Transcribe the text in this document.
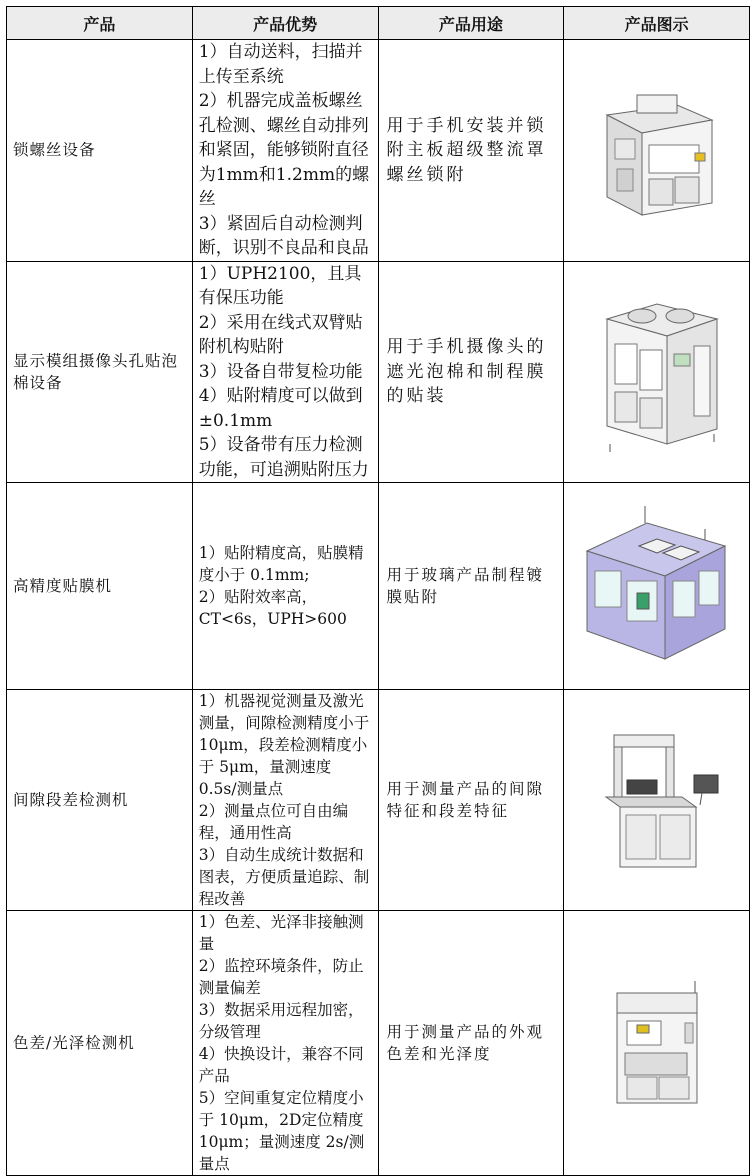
产品	产品优势	产品用途	产品图示
锁螺丝设备	1）自动送料，扫描并上传至系统
2）机器完成盖板螺丝孔检测、螺丝自动排列和紧固，能够锁附直径为1mm和1.2mm的螺丝
3）紧固后自动检测判断，识别不良品和良品	用于手机安装并锁附主板超级整流罩螺丝锁附	

显示模组摄像头孔贴泡棉设备	1）UPH2100，且具有保压功能
2）采用在线式双臂贴附机构贴附
3）设备自带复检功能
4）贴附精度可以做到±0.1mm
5）设备带有压力检测功能，可追溯贴附压力	用于手机摄像头的遮光泡棉和制程膜的贴装	

高精度贴膜机	1）贴附精度高，贴膜精度小于 0.1mm;
2）贴附效率高，CT<6s，UPH>600	用于玻璃产品制程镀膜贴附	

间隙段差检测机	1）机器视觉测量及激光测量，间隙检测精度小于 10μm，段差检测精度小于 5μm，量测速度 0.5s/测量点
2）测量点位可自由编程，通用性高
3）自动生成统计数据和图表，方便质量追踪、制程改善	用于测量产品的间隙特征和段差特征	

色差/光泽检测机	1）色差、光泽非接触测量
2）监控环境条件，防止测量偏差
3）数据采用远程加密，分级管理
4）快换设计，兼容不同产品
5）空间重复定位精度小于 10μm，2D定位精度 10μm；量测速度 2s/测量点	用于测量产品的外观色差和光泽度	
